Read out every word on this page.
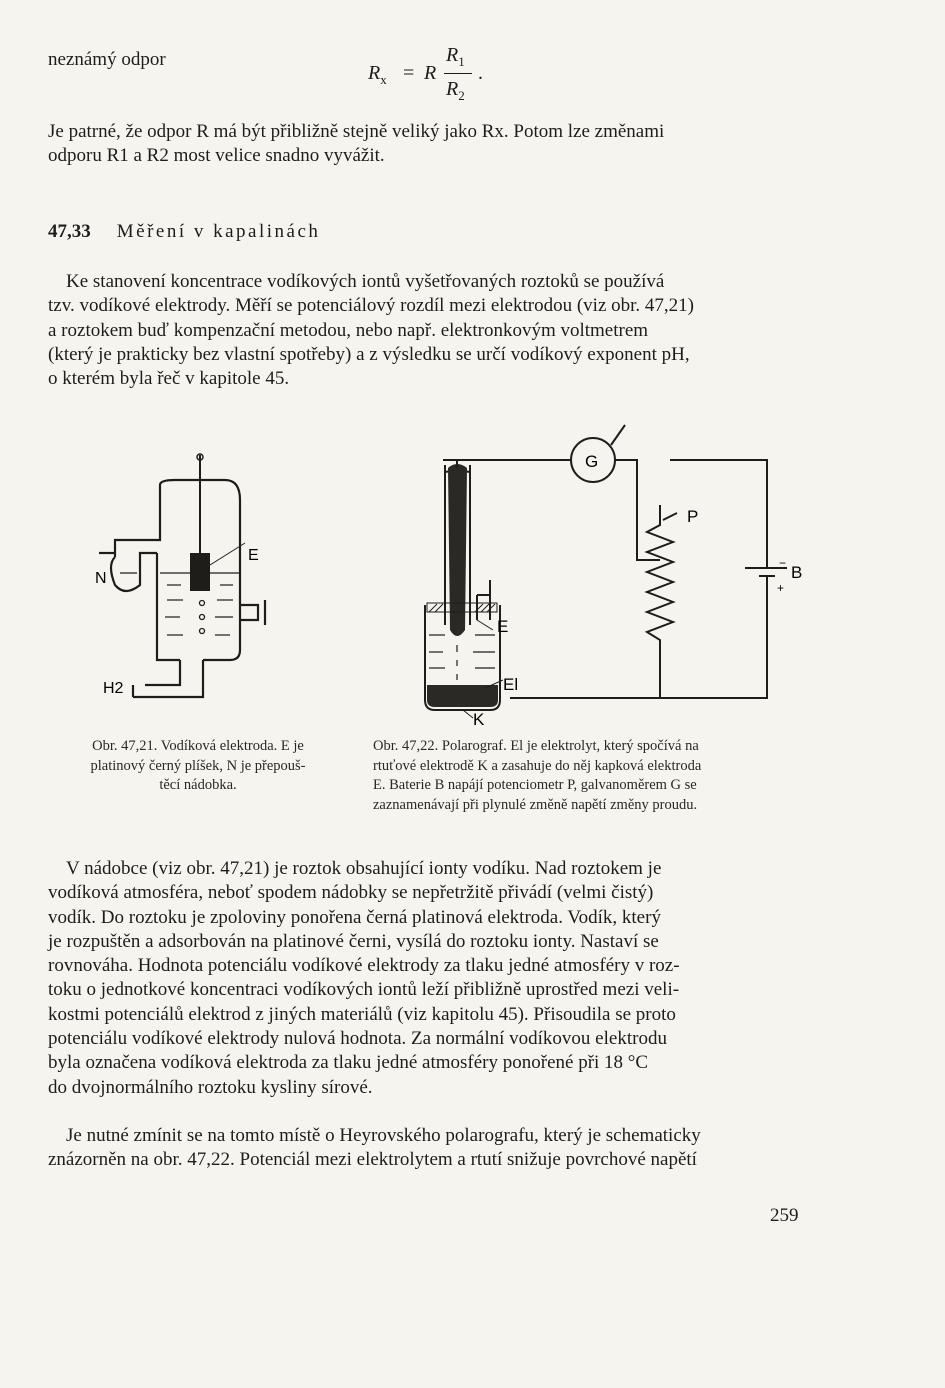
neznámý odpor
$R_x = R$
$R_1$
$R_2$
.
Je patrné, že odpor R má být přibližně stejně veliký jako Rx. Potom lze změnami
odporu R1 a R2 most velice snadno vyvážit.
47,33 Měření v kapalinách

Ke stanovení koncentrace vodíkových iontů vyšetřovaných roztoků se používá

tzv. vodíkové elektrody. Měří se potenciálový rozdíl mezi elektrodou (viz obr. 47,21)

a roztokem buď kompenzační metodou, nebo např. elektronkovým voltmetrem

(který je prakticky bez vlastní spotřeby) a z výsledku se určí vodíkový exponent pH,

o kterém byla řeč v kapitole 45.

E
N
H2
G
P
E
El
K
B
−
+
Obr. 47,21. Vodíková elektroda. E je
platinový černý plíšek, N je přepouš-
těcí nádobka.
Obr. 47,22. Polarograf. El je elektrolyt, který spočívá na
rtuťové elektrodě K a zasahuje do něj kapková elektroda
E. Baterie B napájí potenciometr P, galvanoměrem G se
zaznamenávají při plynulé změně napětí změny proudu.

V nádobce (viz obr. 47,21) je roztok obsahující ionty vodíku. Nad roztokem je

vodíková atmosféra, neboť spodem nádobky se nepřetržitě přivádí (velmi čistý)

vodík. Do roztoku je zpoloviny ponořena černá platinová elektroda. Vodík, který

je rozpuštěn a adsorbován na platinové černi, vysílá do roztoku ionty. Nastaví se

rovnováha. Hodnota potenciálu vodíkové elektrody za tlaku jedné atmosféry v roz-

toku o jednotkové koncentraci vodíkových iontů leží přibližně uprostřed mezi veli-

kostmi potenciálů elektrod z jiných materiálů (viz kapitolu 45). Přisoudila se proto

potenciálu vodíkové elektrody nulová hodnota. Za normální vodíkovou elektrodu

byla označena vodíková elektroda za tlaku jedné atmosféry ponořené při 18 °C

do dvojnormálního roztoku kysliny sírové.

Je nutné zmínit se na tomto místě o Heyrovského polarografu, který je schematicky

znázorněn na obr. 47,22. Potenciál mezi elektrolytem a rtutí snižuje povrchové napětí

259
